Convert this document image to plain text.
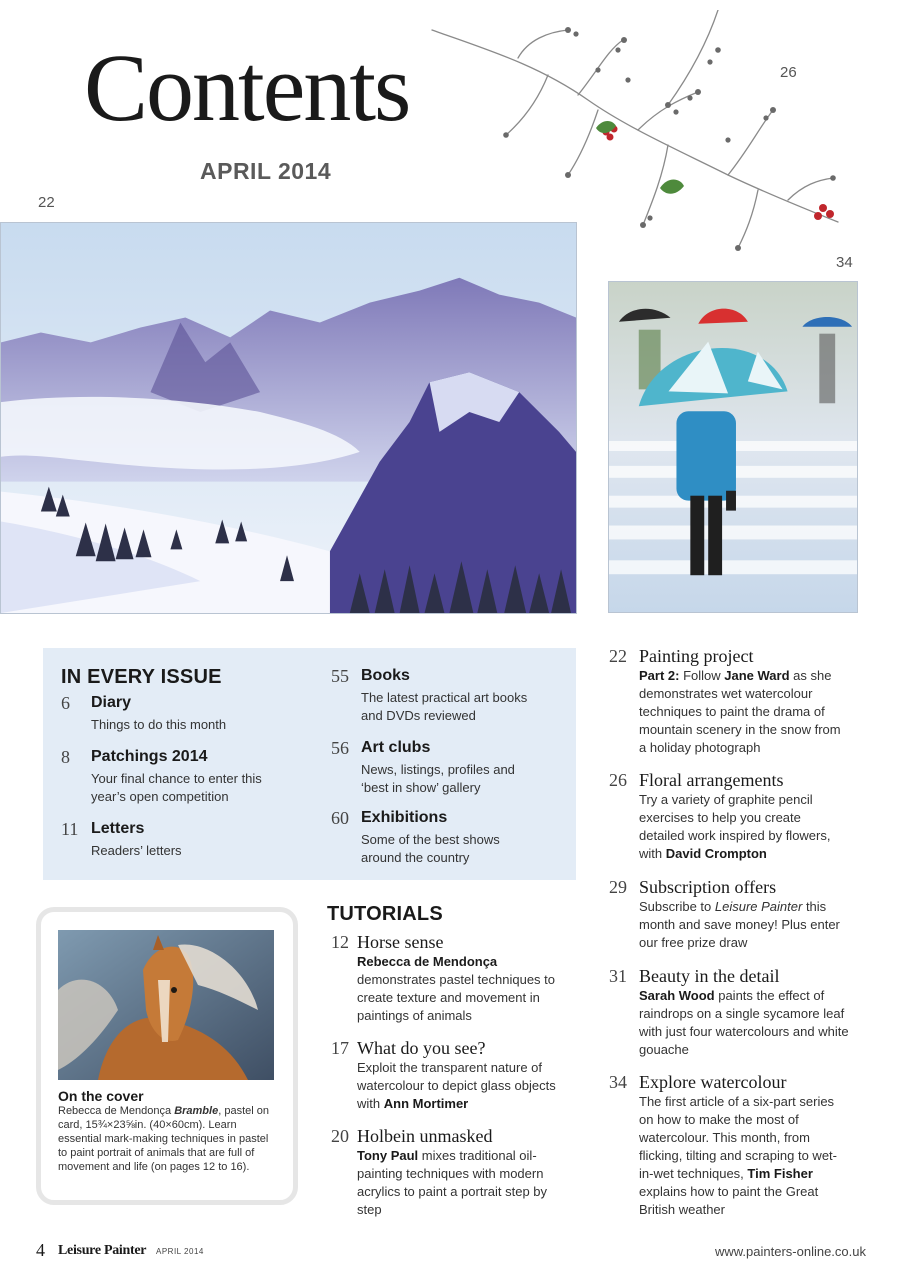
Contents
APRIL 2014
26
22
34
IN EVERY ISSUE
6 Diary
Things to do this month
8 Patchings 2014
Your final chance to enter this year’s open competition
11 Letters
Readers’ letters
55 Books
The latest practical art books and DVDs reviewed
56 Art clubs
News, listings, profiles and ‘best in show’ gallery
60 Exhibitions
Some of the best shows around the country
On the cover
Rebecca de Mendonça Bramble, pastel on card, 15¾×23⅝in. (40×60cm). Learn essential mark-making techniques in pastel to paint portrait of animals that are full of movement and life (on pages 12 to 16).
TUTORIALS
12 Horse sense
Rebecca de Mendonça demonstrates pastel techniques to create texture and movement in paintings of animals
17 What do you see?
Exploit the transparent nature of watercolour to depict glass objects with Ann Mortimer
20 Holbein unmasked
Tony Paul mixes traditional oil-painting techniques with modern acrylics to paint a portrait step by step
22 Painting project
Part 2: Follow Jane Ward as she demonstrates wet watercolour techniques to paint the drama of mountain scenery in the snow from a holiday photograph
26 Floral arrangements
Try a variety of graphite pencil exercises to help you create detailed work inspired by flowers, with David Crompton
29 Subscription offers
Subscribe to Leisure Painter this month and save money! Plus enter our free prize draw
31 Beauty in the detail
Sarah Wood paints the effect of raindrops on a single sycamore leaf with just four watercolours and white gouache
34 Explore watercolour
The first article of a six-part series on how to make the most of watercolour. This month, from flicking, tilting and scraping to wet-in-wet techniques, Tim Fisher explains how to paint the Great British weather
4 Leisure Painter APRIL 2014	www.painters-online.co.uk
